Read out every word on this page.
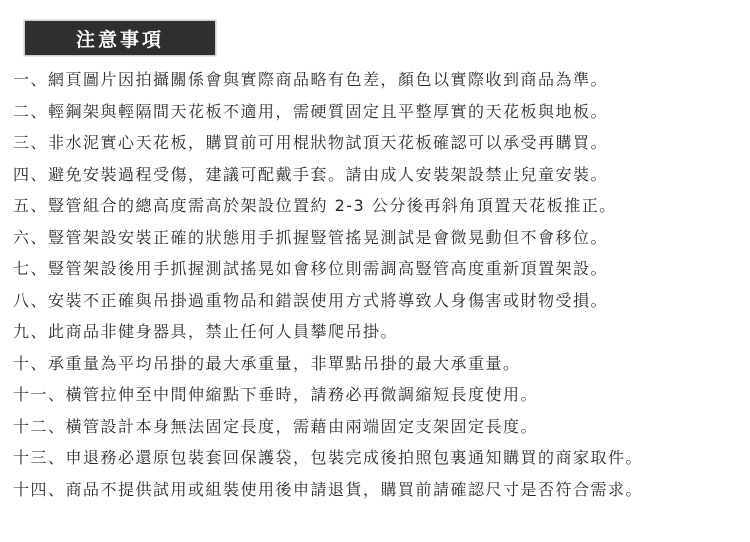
注意事項
一、網頁圖片因拍攝關係會與實際商品略有色差，顏色以實際收到商品為準。
二、輕鋼架與輕隔間天花板不適用，需硬質固定且平整厚實的天花板與地板。
三、非水泥實心天花板，購買前可用棍狀物試頂天花板確認可以承受再購買。
四、避免安裝過程受傷，建議可配戴手套。請由成人安裝架設禁止兒童安裝。
五、豎管組合的總高度需高於架設位置約 2-3 公分後再斜角頂置天花板推正。
六、豎管架設安裝正確的狀態用手抓握豎管搖晃測試是會微晃動但不會移位。
七、豎管架設後用手抓握測試搖晃如會移位則需調高豎管高度重新頂置架設。
八、安裝不正確與吊掛過重物品和錯誤使用方式將導致人身傷害或財物受損。
九、此商品非健身器具，禁止任何人員攀爬吊掛。
十、承重量為平均吊掛的最大承重量，非單點吊掛的最大承重量。
十一、橫管拉伸至中間伸縮點下垂時，請務必再微調縮短長度使用。
十二、橫管設計本身無法固定長度，需藉由兩端固定支架固定長度。
十三、申退務必還原包裝套回保護袋，包裝完成後拍照包裏通知購買的商家取件。
十四、商品不提供試用或組裝使用後申請退貨，購買前請確認尺寸是否符合需求。
